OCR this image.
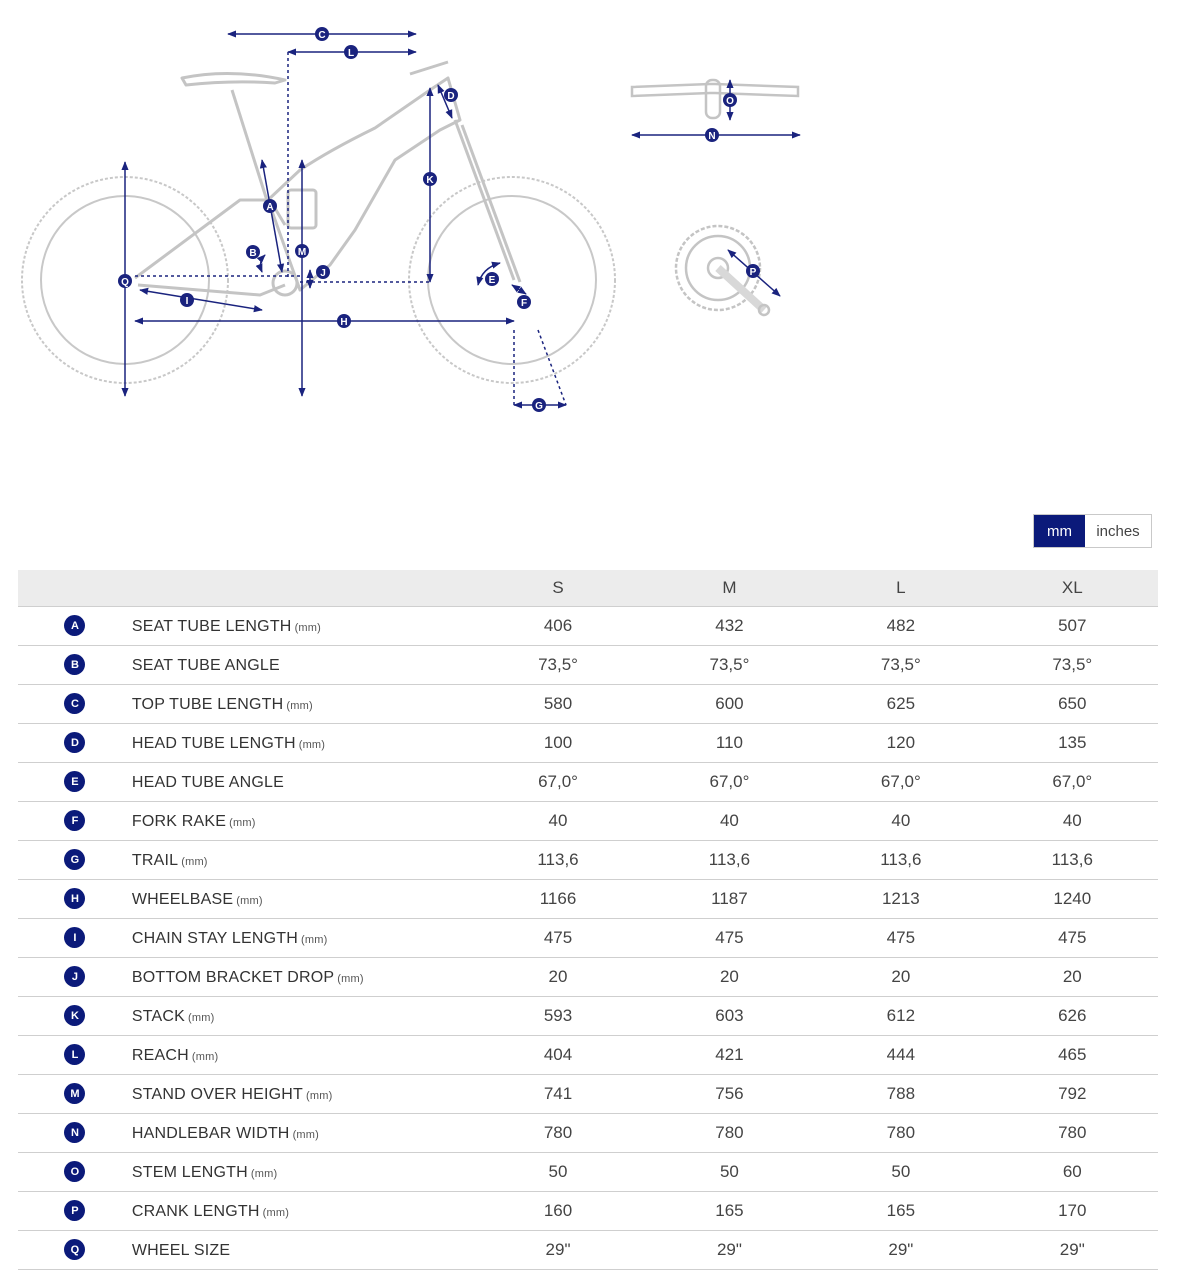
C
L
D
K
A
B	M
J
Q
I
H
E
F
G
O
N
P
mm	inches
		S	M	L	XL
A	SEAT TUBE LENGTH (mm)	406	432	482	507
B	SEAT TUBE ANGLE	73,5°	73,5°	73,5°	73,5°
C	TOP TUBE LENGTH (mm)	580	600	625	650
D	HEAD TUBE LENGTH (mm)	100	110	120	135
E	HEAD TUBE ANGLE	67,0°	67,0°	67,0°	67,0°
F	FORK RAKE (mm)	40	40	40	40
G	TRAIL (mm)	113,6	113,6	113,6	113,6
H	WHEELBASE (mm)	1166	1187	1213	1240
I	CHAIN STAY LENGTH (mm)	475	475	475	475
J	BOTTOM BRACKET DROP (mm)	20	20	20	20
K	STACK (mm)	593	603	612	626
L	REACH (mm)	404	421	444	465
M	STAND OVER HEIGHT (mm)	741	756	788	792
N	HANDLEBAR WIDTH (mm)	780	780	780	780
O	STEM LENGTH (mm)	50	50	50	60
P	CRANK LENGTH (mm)	160	165	165	170
Q	WHEEL SIZE	29"	29"	29"	29"
